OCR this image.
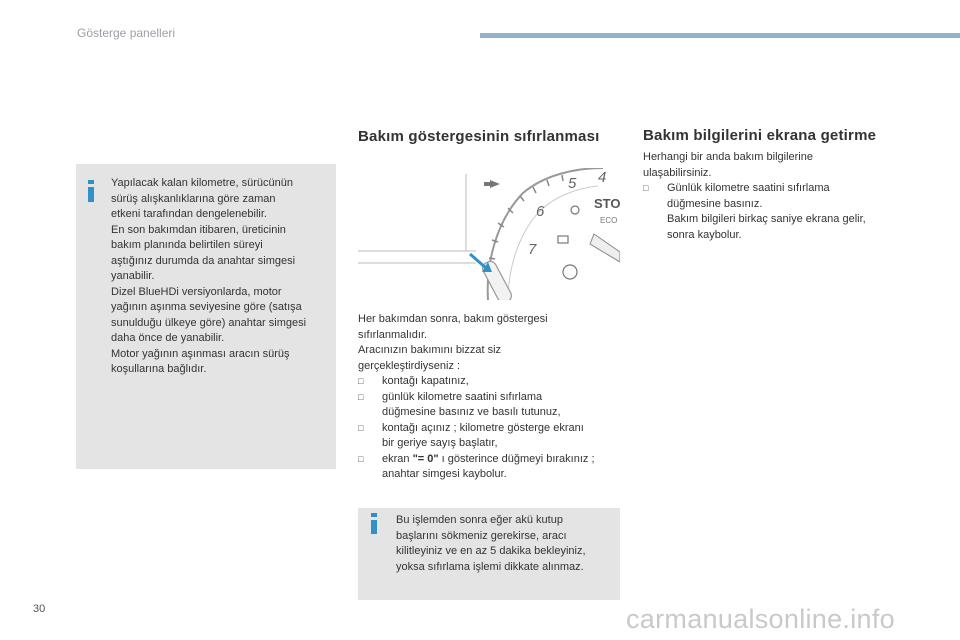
Gösterge panelleri

Yapılacak kalan kilometre, sürücünün

sürüş alışkanlıklarına göre zaman

etkeni tarafından dengelenebilir.

En son bakımdan itibaren, üreticinin

bakım planında belirtilen süreyi

aştığınız durumda da anahtar simgesi

yanabilir.

Dizel BlueHDi versiyonlarda, motor

yağının aşınma seviyesine göre (satışa

sunulduğu ülkeye göre) anahtar simgesi

daha önce de yanabilir.

Motor yağının aşınması aracın sürüş

koşullarına bağlıdır.

Bakım göstergesinin sıfırlanması
5 4
6
7
STO
ECO

Her bakımdan sonra, bakım göstergesi

sıfırlanmalıdır.

Aracınızın bakımını bizzat siz

gerçekleştirdiyseniz :

□ kontağı kapatınız,
□ günlük kilometre saatini sıfırlama
düğmesine basınız ve basılı tutunuz,
□ kontağı açınız ; kilometre gösterge ekranı
bir geriye sayış başlatır,
□ ekran "= 0" ı gösterince düğmeyi bırakınız ;
anahtar simgesi kaybolur.

Bu işlemden sonra eğer akü kutup

başlarını sökmeniz gerekirse, aracı

kilitleyiniz ve en az 5 dakika bekleyiniz,

yoksa sıfırlama işlemi dikkate alınmaz.

Bakım bilgilerini ekrana getirme

Herhangi bir anda bakım bilgilerine

ulaşabilirsiniz.

□ Günlük kilometre saatini sıfırlama
düğmesine basınız.
Bakım bilgileri birkaç saniye ekrana gelir,
sonra kaybolur.
30	carmanualsonline.info
